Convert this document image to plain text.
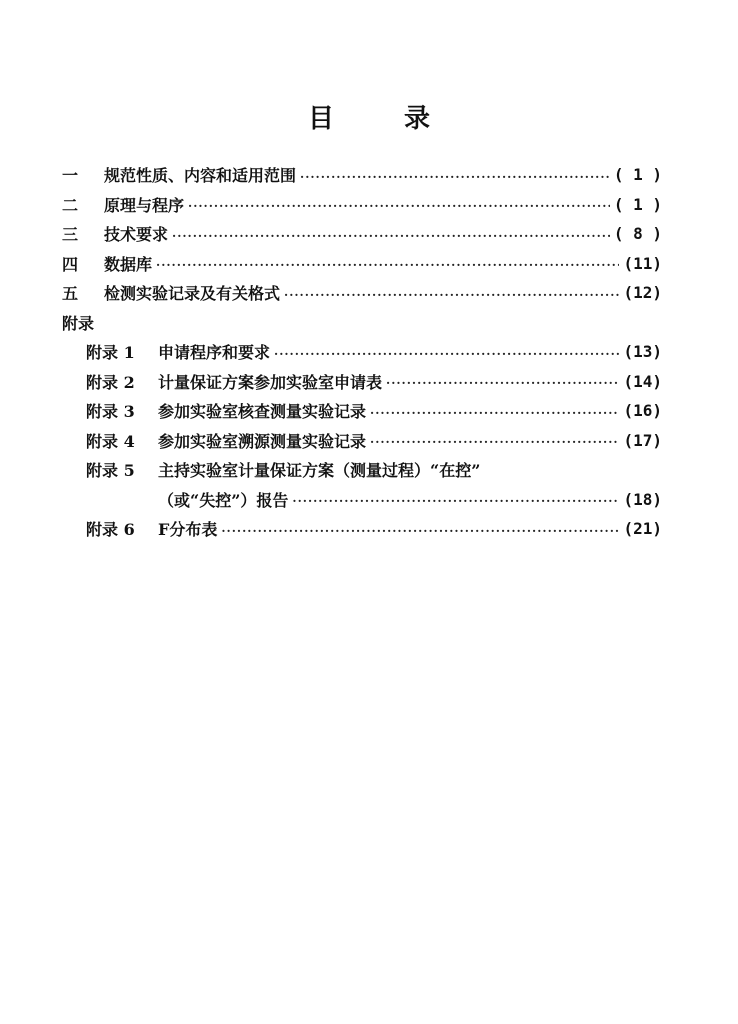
目	录
一	规范性质、内容和适用范围 ·····	( 1 )
二	原理与程序 ·····	( 1 )
三	技术要求 ·····	( 8 )
四	数据库 ·····	(11)
五	检测实验记录及有关格式 ·····	(12)
附录
附录 1	申请程序和要求 ·····	(13)
附录 2	计量保证方案参加实验室申请表 ·····	(14)
附录 3	参加实验室核查测量实验记录 ·····	(16)
附录 4	参加实验室溯源测量实验记录 ·····	(17)
附录 5	主持实验室计量保证方案（测量过程）“在控”
（或“失控”）报告 ·····	(18)
附录 6	F分布表 ·····	(21)
